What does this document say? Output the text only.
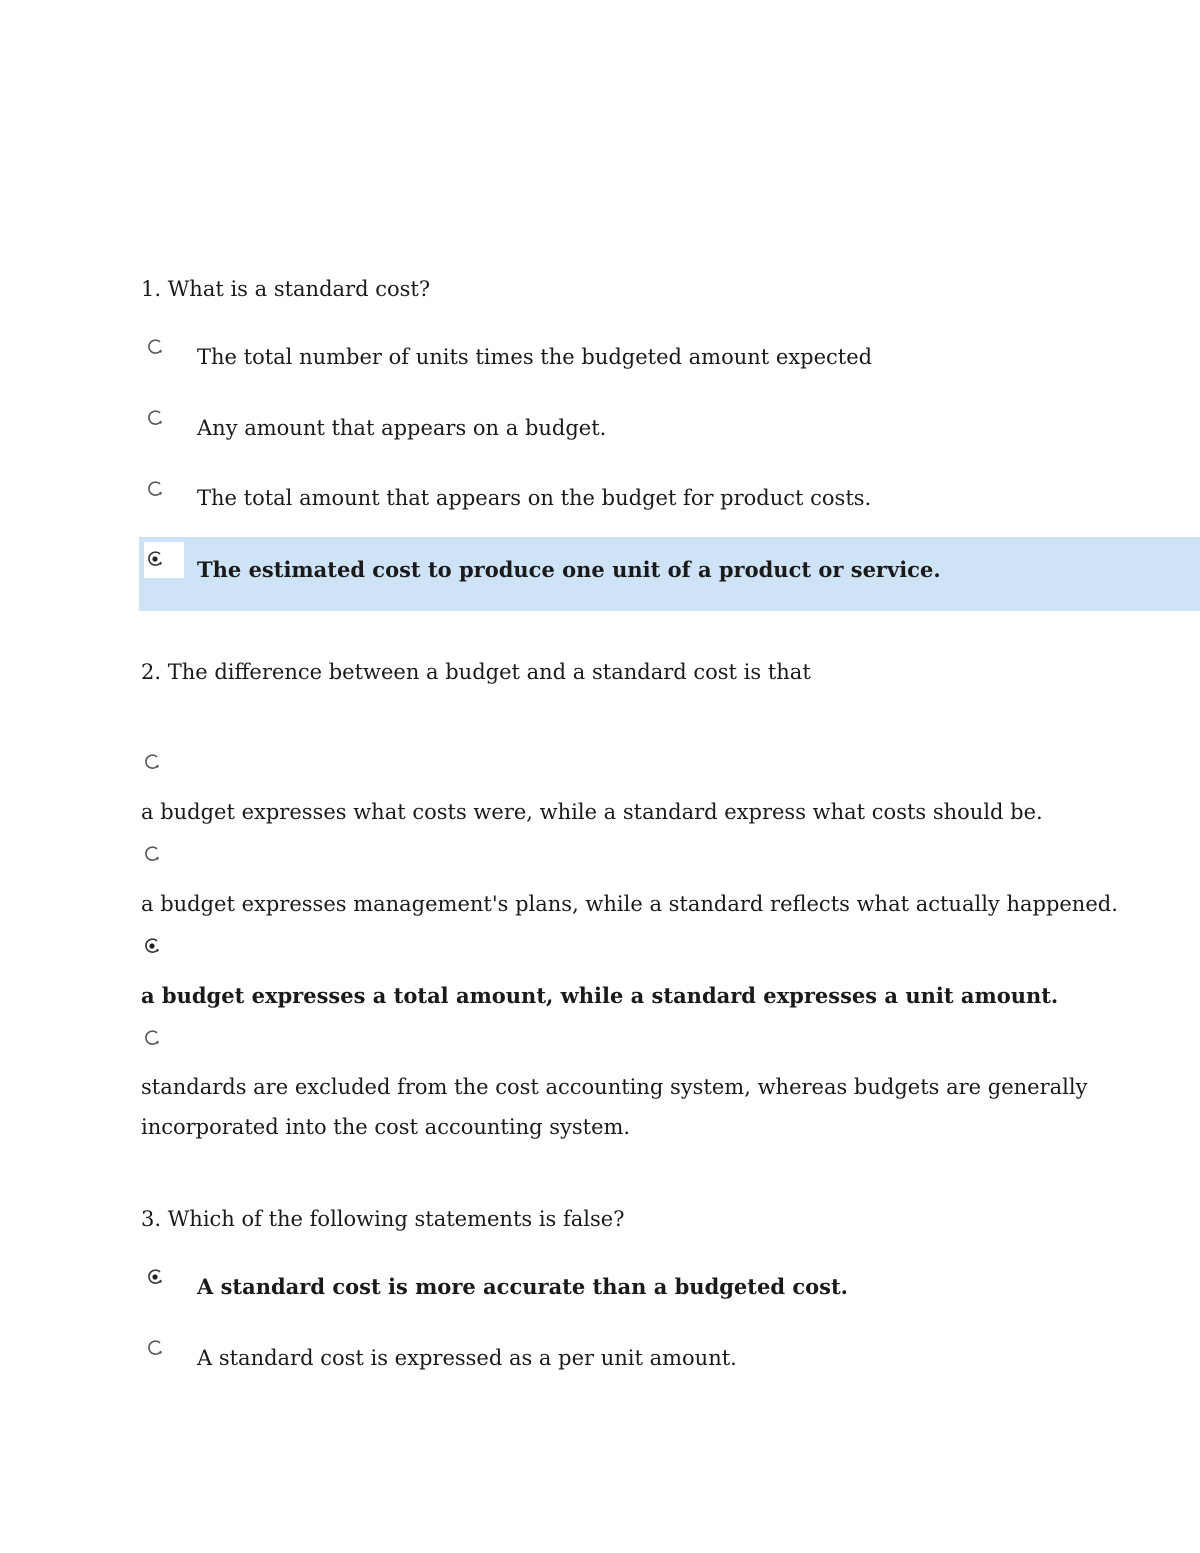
1. What is a standard cost?
The total number of units times the budgeted amount expected
Any amount that appears on a budget.
The total amount that appears on the budget for product costs.
The estimated cost to produce one unit of a product or service.
2. The difference between a budget and a standard cost is that
a budget expresses what costs were, while a standard express what costs should be.
a budget expresses management's plans, while a standard reflects what actually happened.
a budget expresses a total amount, while a standard expresses a unit amount.
standards are excluded from the cost accounting system, whereas budgets are generally
incorporated into the cost accounting system.
3. Which of the following statements is false?
A standard cost is more accurate than a budgeted cost.
A standard cost is expressed as a per unit amount.
